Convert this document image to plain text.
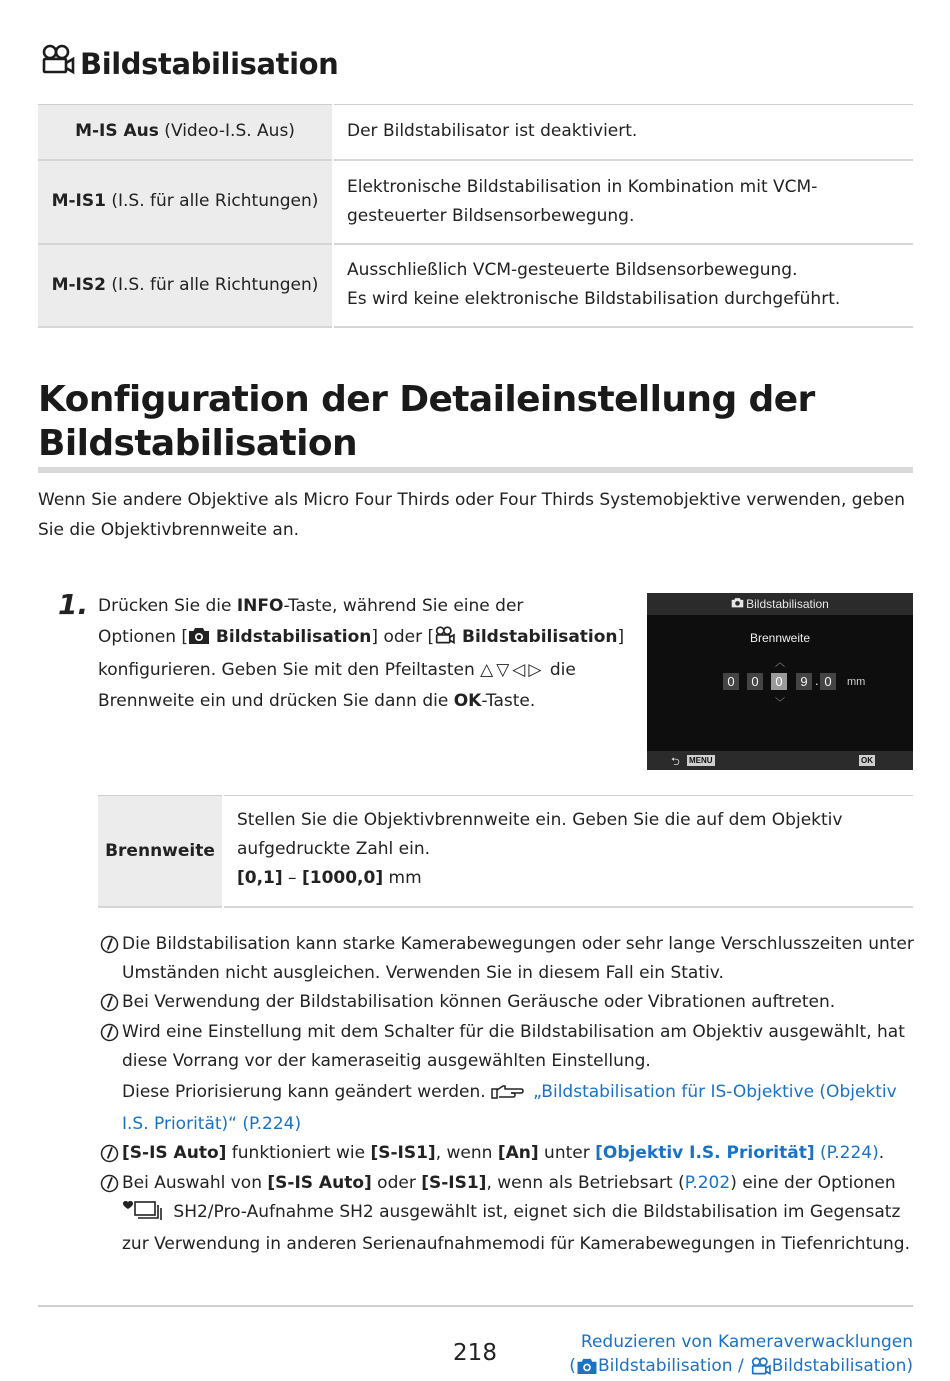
Bildstabilisation
M-IS Aus (Video-I.S. Aus)	Der Bildstabilisator ist deaktiviert.

M-IS1 (I.S. für alle Richtungen)	Elektronische Bildstabilisation in Kombination mit VCM-
gesteuerter Bildsensorbewegung.

M-IS2 (I.S. für alle Richtungen)	Ausschließlich VCM-gesteuerte Bildsensorbewegung.
Es wird keine elektronische Bildstabilisation durchgeführt.
Konfiguration der Detaileinstellung der
Bildstabilisation
Wenn Sie andere Objektive als Micro Four Thirds oder Four Thirds Systemobjektive verwenden, geben
Sie die Objektivbrennweite an.
1. Drücken Sie die INFO-Taste, während Sie eine der
Optionen [ Bildstabilisation] oder [ Bildstabilisation]
konfigurieren. Geben Sie mit den Pfeiltasten △▽◁▷ die
Brennweite ein und drücken Sie dann die OK-Taste.
Bildstabilisation
Brennweite
︿
0	0	0	9 . 0	mm
﹀
⮌ MENU	OK
Brennweite	
Stellen Sie die Objektivbrennweite ein. Geben Sie die auf dem Objektiv
aufgedruckte Zahl ein.
[0,1] – [1000,0] mm
Die Bildstabilisation kann starke Kamerabewegungen oder sehr lange Verschlusszeiten unter
Umständen nicht ausgleichen. Verwenden Sie in diesem Fall ein Stativ.
Bei Verwendung der Bildstabilisation können Geräusche oder Vibrationen auftreten.
Wird eine Einstellung mit dem Schalter für die Bildstabilisation am Objektiv ausgewählt, hat
diese Vorrang vor der kameraseitig ausgewählten Einstellung.
Diese Priorisierung kann geändert werden. „Bildstabilisation für IS-Objektive (Objektiv
I.S. Priorität)“ (P.224)
[S-IS Auto] funktioniert wie [S-IS1], wenn [An] unter [Objektiv I.S. Priorität] (P.224).
Bei Auswahl von [S-IS Auto] oder [S-IS1], wenn als Betriebsart (P.202) eine der Optionen
SH2/Pro-Aufnahme SH2 ausgewählt ist, eignet sich die Bildstabilisation im Gegensatz
zur Verwendung in anderen Serienaufnahmemodi für Kamerabewegungen in Tiefenrichtung.
218	Reduzieren von Kameraverwacklungen
( Bildstabilisation / Bildstabilisation)
